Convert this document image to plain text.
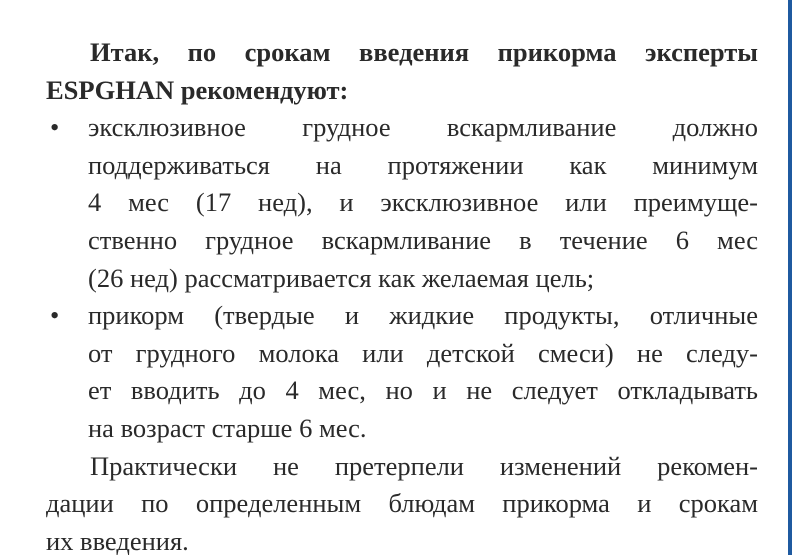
Итак, по срокам введения прикорма эксперты
ESPGHAN рекомендуют:
•	эксклюзивное грудное вскармливание должно
поддерживаться на протяжении как минимум
4 мес (17 нед), и эксклюзивное или преимуще-
ственно грудное вскармливание в течение 6 мес
(26 нед) рассматривается как желаемая цель;
•	прикорм (твердые и жидкие продукты, отличные
от грудного молока или детской смеси) не следу-
ет вводить до 4 мес, но и не следует откладывать
на возраст старше 6 мес.
Практически не претерпели изменений рекомен-
дации по определенным блюдам прикорма и срокам
их введения.
